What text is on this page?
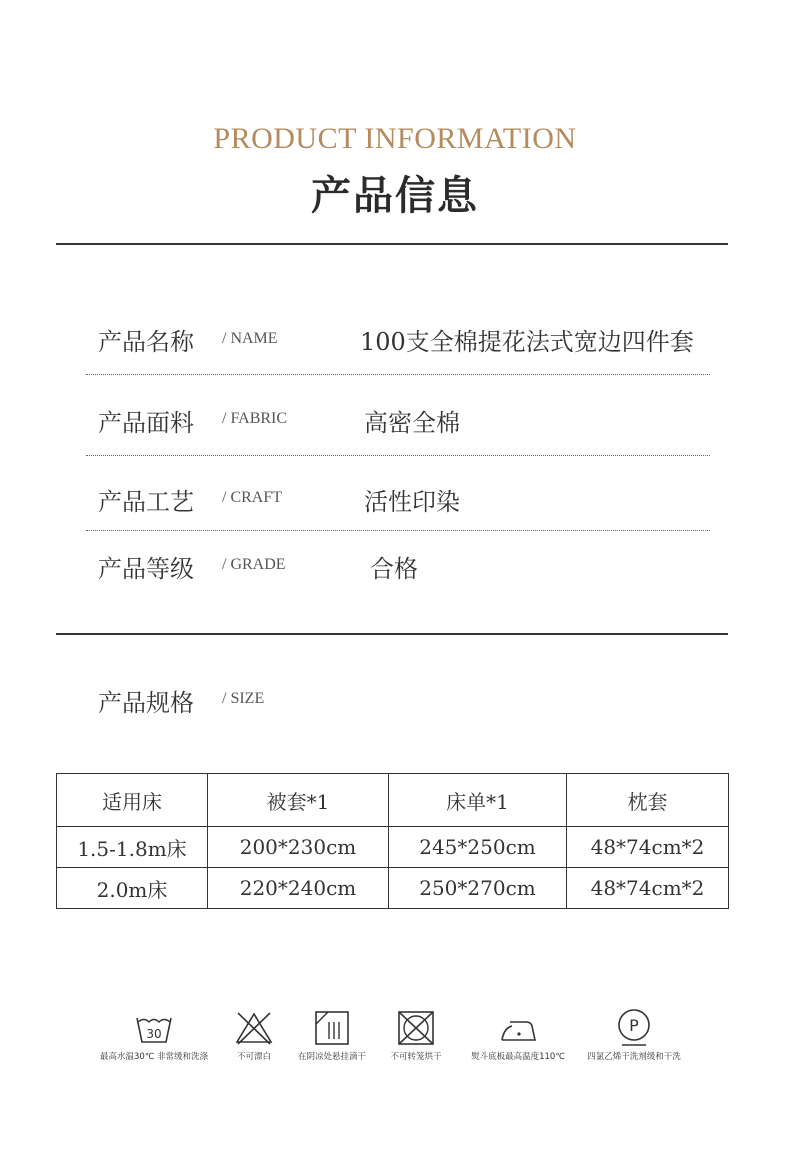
PRODUCT INFORMATION
产品信息
产品名称 / NAME	100支全棉提花法式宽边四件套
产品面料 / FABRIC	高密全棉
产品工艺 / CRAFT	活性印染
产品等级 / GRADE	合格
产品规格 / SIZE
适用床	被套*1	床单*1	枕套
1.5-1.8m床	200*230cm	245*250cm	48*74cm*2
2.0m床	220*240cm	250*270cm	48*74cm*2
30
最高水温30℃ 非常缓和洗涤	不可漂白	在阴凉处悬挂滴干	不可转笼烘干	熨斗底板最高温度110℃
P
四氯乙烯干洗剂缓和干洗
